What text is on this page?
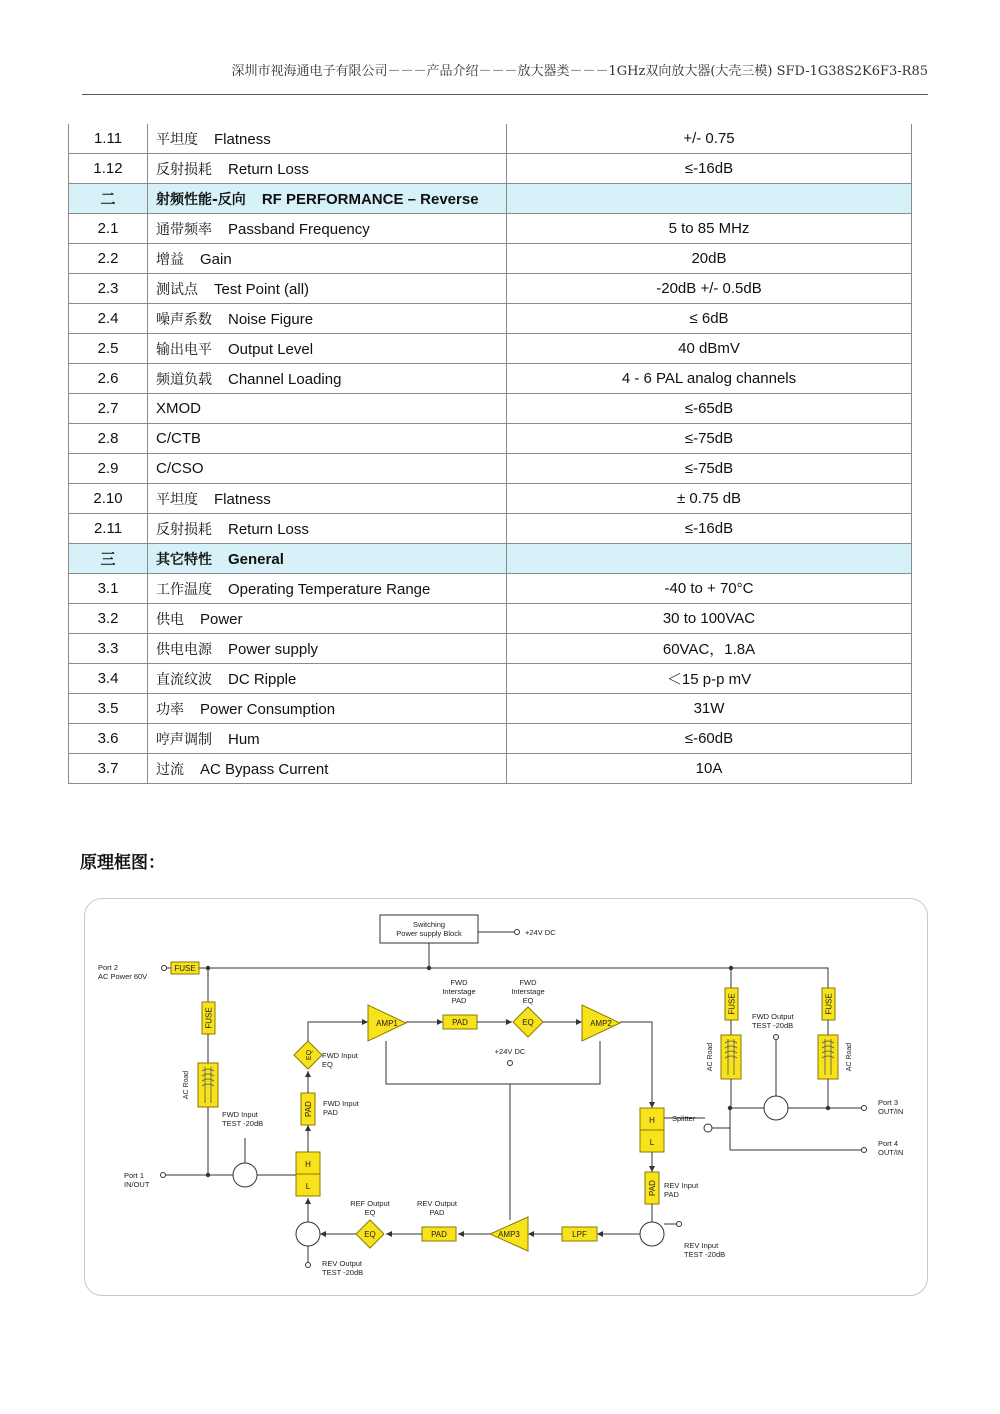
深圳市视海通电子有限公司－－－产品介绍－－－放大器类－－－1GHz双向放大器(大壳三模) SFD-1G38S2K6F3-R85
1.11	平坦度 Flatness	+/- 0.75
1.12	反射损耗 Return Loss	≤-16dB
二	射频性能-反向 RF PERFORMANCE – Reverse	
2.1	通带频率 Passband Frequency	5 to 85 MHz
2.2	增益 Gain	20dB
2.3	测试点 Test Point (all)	-20dB +/- 0.5dB
2.4	噪声系数 Noise Figure	≤ 6dB
2.5	输出电平 Output Level	40 dBmV
2.6	频道负载 Channel Loading	4 - 6 PAL analog channels
2.7	XMOD	≤-65dB
2.8	C/CTB	≤-75dB
2.9	C/CSO	≤-75dB
2.10	平坦度 Flatness	± 0.75 dB
2.11	反射损耗 Return Loss	≤-16dB
三	其它特性 General	
3.1	工作温度 Operating Temperature Range	-40 to + 70°C
3.2	供电 Power	30 to 100VAC
3.3	供电电源 Power supply	60VAC，1.8A
3.4	直流纹波 DC Ripple	＜15 p-p mV
3.5	功率 Power Consumption	31W
3.6	哼声调制 Hum	≤-60dB
3.7	过流 AC Bypass Current	10A
原理框图：
Switching
Power supply Block	+24V DC
Port 2
AC Power 60V
FUSE
FUSE
AC Road
Port 1
IN/OUT
FWD Input
TEST -20dB
H
L
PAD FWD Input
PAD
EQ FWD Input
EQ
AMP1	PAD
FWD
Interstage
PAD
EQ
FWD
Interstage
EQ
AMP2
+24V DC
H
L
Splitter
FWD Output
TEST -20dB
Port 3
OUT/IN
Port 4
OUT/IN
FUSE
AC Road
FUSE
AC Road
PAD REV Input
PAD
REV Input
TEST -20dB
LPF
AMP3
PAD
REV Output
PAD
EQ
REF Output
EQ
REV Output
TEST -20dB
